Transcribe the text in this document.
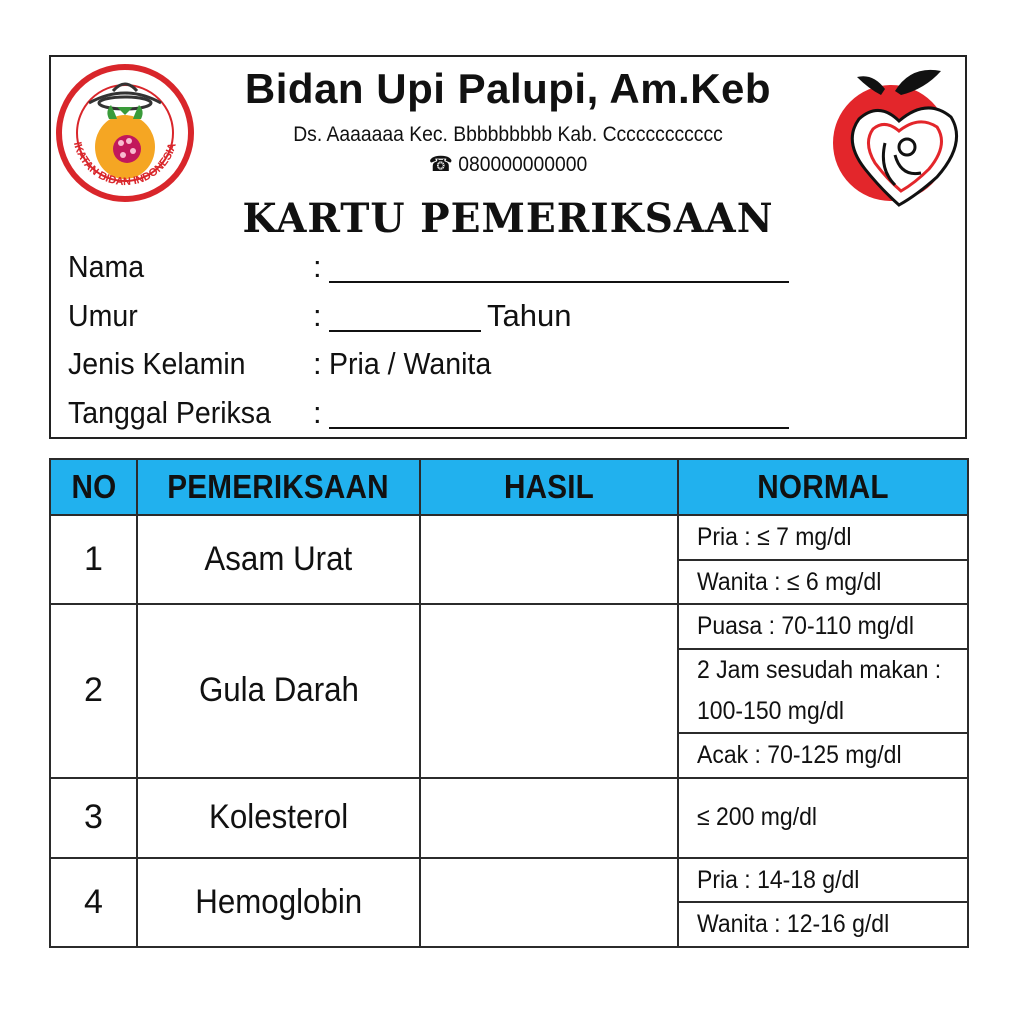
IKATAN BIDAN INDONESIA
Bidan Upi Palupi, Am.Keb
Ds. Aaaaaaa Kec. Bbbbbbbbb Kab. Cccccccccccc
☎ 080000000000
KARTU PEMERIKSAAN
Nama	:
Umur	:	Tahun
Jenis Kelamin	: Pria / Wanita
Tanggal Periksa	:
NO	PEMERIKSAAN	HASIL	NORMAL
1	Asam Urat		Pria : ≤ 7 mg/dl
			Wanita : ≤ 6 mg/dl
2	Gula Darah		Puasa : 70-110 mg/dl
			2 Jam sesudah makan : 100-150 mg/dl
			Acak : 70-125 mg/dl
3	Kolesterol		≤ 200 mg/dl
4	Hemoglobin		Pria : 14-18 g/dl
			Wanita : 12-16 g/dl
